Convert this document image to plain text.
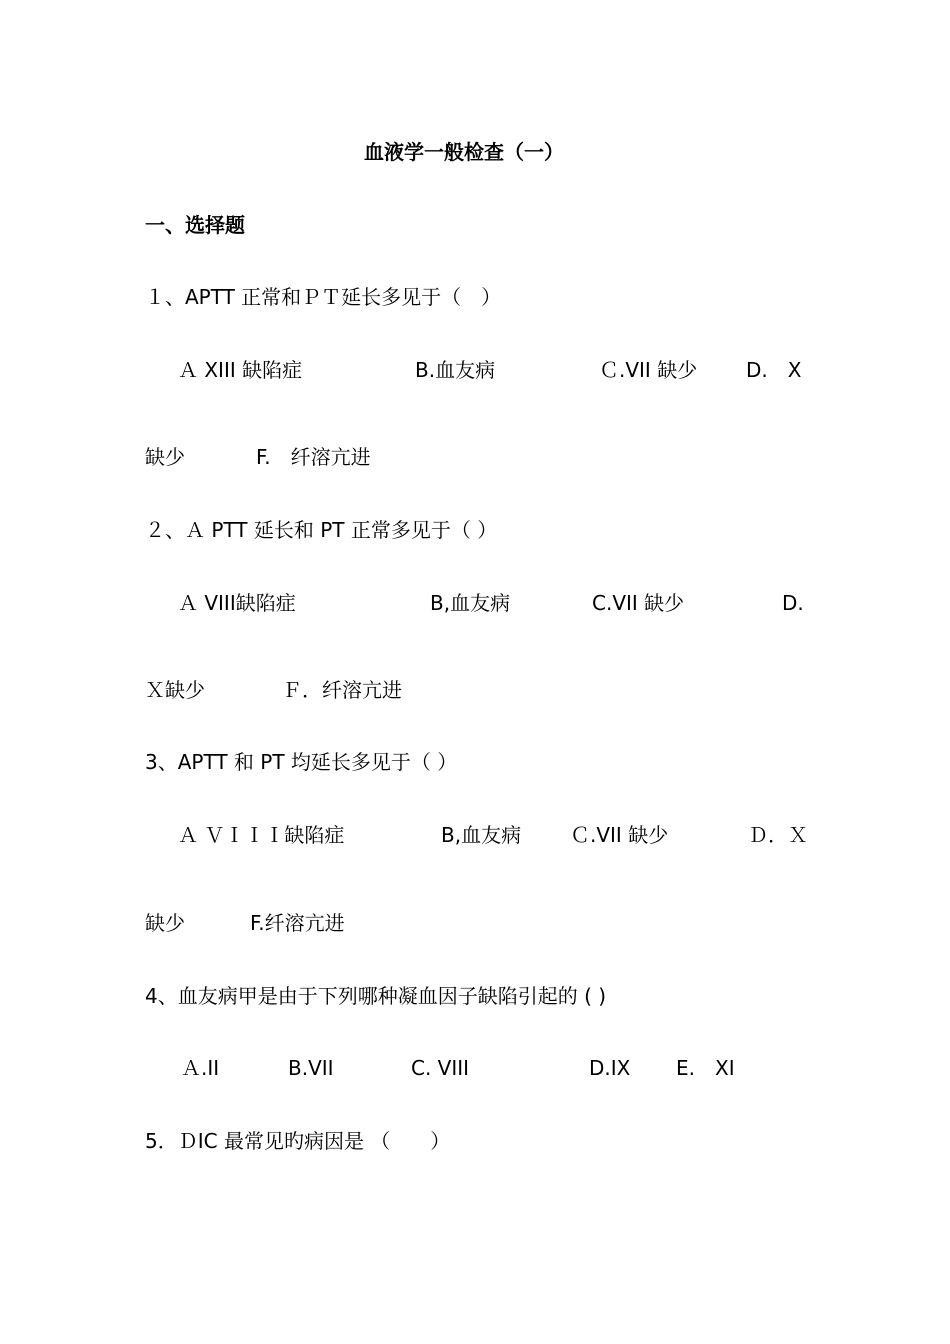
血液学一般检查（一）
一、选择题
１、APTT 正常和ＰＴ延长多见于（　）
Ａ XIIⅠ 缺陷症	B.血友病	Ｃ.VII 缺少 D.　X
缺少	F.　纤溶亢进
２、Ａ PTT 延长和 PT 正常多见于（ ）
Ａ VIIⅠ缺陷症	B,血友病	C.VII 缺少	D.
Ｘ缺少	Ｆ．纤溶亢进
3、APTT 和 PT 均延长多见于（ ）
Ａ ＶＩＩＩ缺陷症	B,血友病 Ｃ.VII 缺少	Ｄ．Ｘ
缺少	F.纤溶亢进
4、血友病甲是由于下列哪种凝血因子缺陷引起的 ( )
Ａ.II	B.VII	C. VIIⅠ	D.IX E.　XI
5．ＤIC 最常见旳病因是 （　　）
